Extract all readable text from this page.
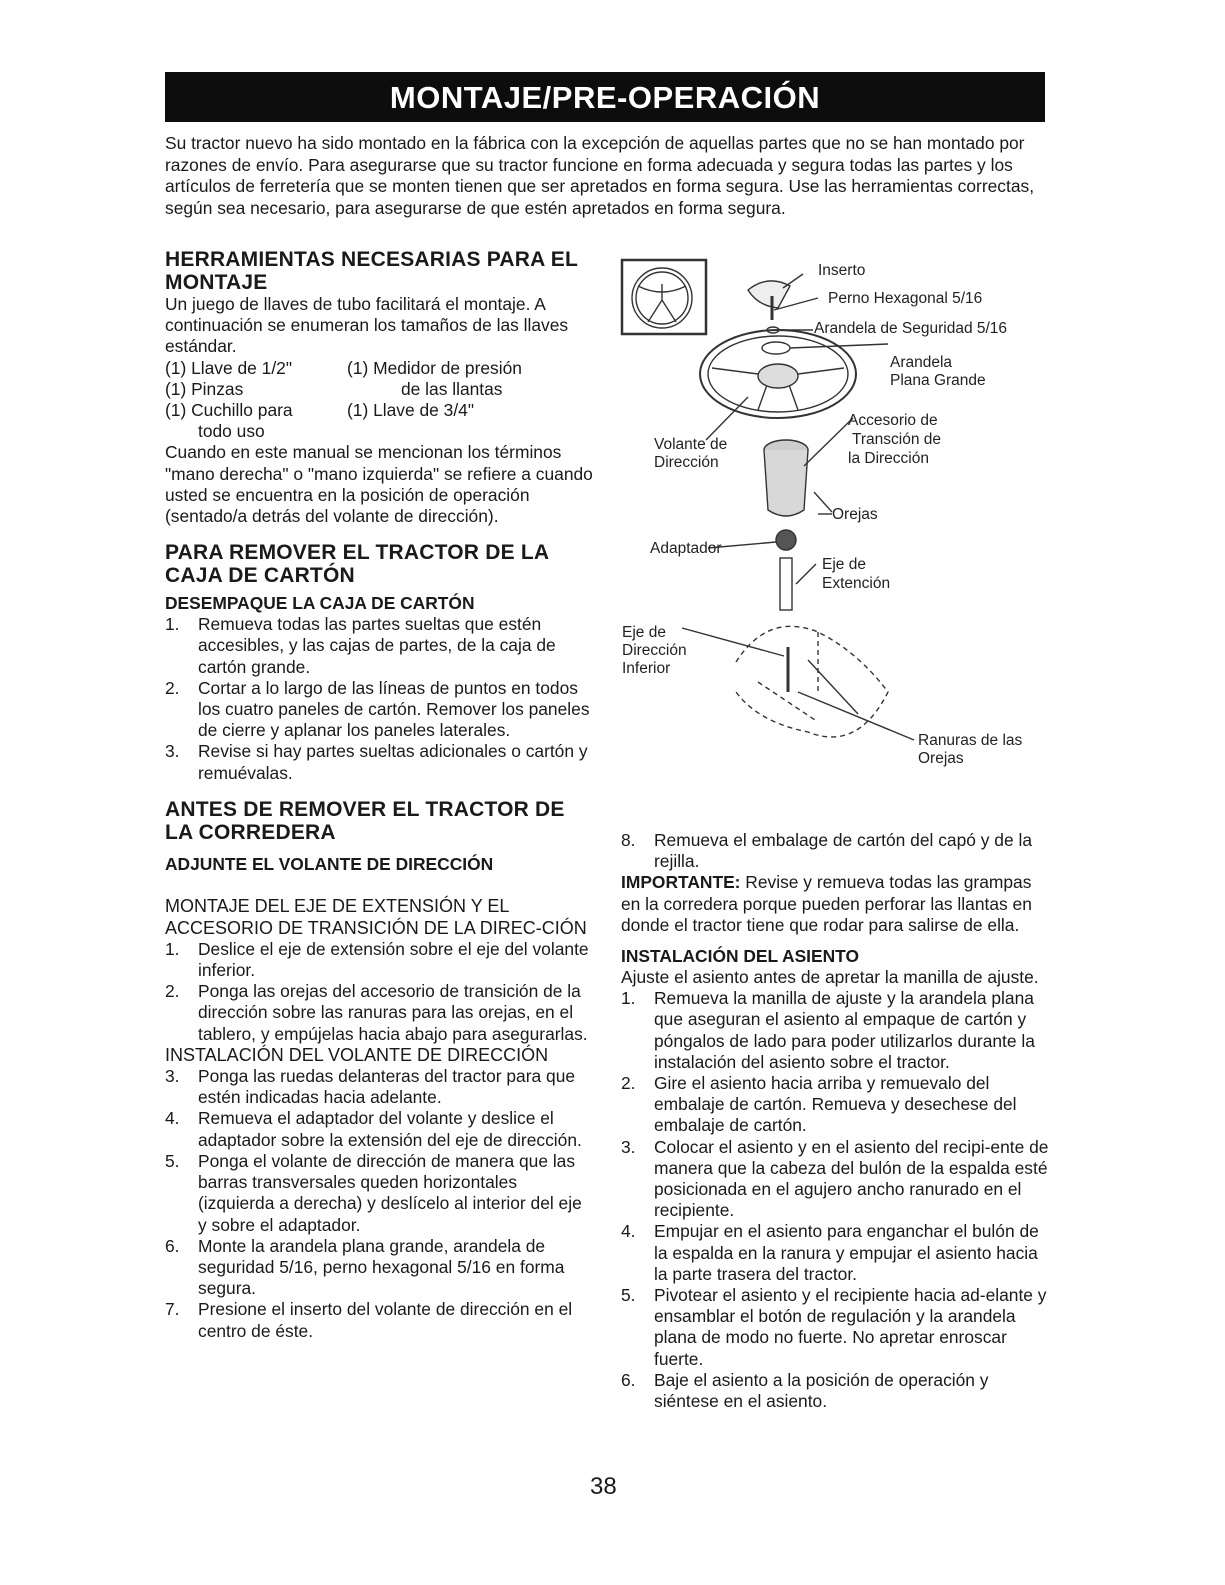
MONTAJE/PRE-OPERACIÓN

Su tractor nuevo ha sido montado en la fábrica con la excepción de aquellas partes que no se han montado por razones de envío. Para asegurarse que su tractor funcione en forma adecuada y segura todas las partes y los artículos de ferretería que se monten tienen que ser apretados en forma segura. Use las herramientas correctas, según sea necesario, para asegurarse de que estén apretados en forma segura.

HERRAMIENTAS NECESARIAS PARA EL MONTAJE

Un juego de llaves de tubo facilitará el montaje. A continuación se enumeran los tamaños de las llaves estándar.

(1) Llave de 1/2"	(1) Medidor de presión
(1) Pinzas	de las llantas
(1) Cuchillo para	(1) Llave de 3/4"
todo uso

Cuando en este manual se mencionan los términos "mano derecha" o "mano izquierda" se refiere a cuando usted se encuentra en la posición de operación (sentado/a detrás del volante de dirección).

PARA REMOVER EL TRACTOR DE LA CAJA DE CARTÓN
DESEMPAQUE LA CAJA DE CARTÓN
1. Remueva todas las partes sueltas que estén accesibles, y las cajas de partes, de la caja de cartón grande.
2. Cortar a lo largo de las líneas de puntos en todos los cuatro paneles de cartón. Remover los paneles de cierre y aplanar los paneles laterales.
3. Revise si hay partes sueltas adicionales o cartón y remuévalas.
ANTES DE REMOVER EL TRACTOR DE LA CORREDERA
ADJUNTE EL VOLANTE DE DIRECCIÓN

MONTAJE DEL EJE DE EXTENSIÓN Y EL ACCESORIO DE TRANSICIÓN DE LA DIREC-CIÓN

1. Deslice el eje de extensión sobre el eje del volante inferior.
2. Ponga las orejas del accesorio de transición de la dirección sobre las ranuras para las orejas, en el tablero, y empújelas hacia abajo para asegurarlas.

INSTALACIÓN DEL VOLANTE DE DIRECCIÓN

3. Ponga las ruedas delanteras del tractor para que estén indicadas hacia adelante.
4. Remueva el adaptador del volante y deslice el adaptador sobre la extensión del eje de dirección.
5. Ponga el volante de dirección de manera que las barras transversales queden horizontales (izquierda a derecha) y deslícelo al interior del eje y sobre el adaptador.
6. Monte la arandela plana grande, arandela de seguridad 5/16, perno hexagonal 5/16 en forma segura.
7. Presione el inserto del volante de dirección en el centro de éste.
Inserto
Perno Hexagonal 5/16
Arandela de Seguridad 5/16
Arandela
Plana Grande
Accesorio de
Transción de
la Dirección
Volante de
Dirección
Orejas
Adaptador
Eje de
Extención
Eje de
Dirección
Inferior
Ranuras de las
Orejas
8. Remueva el embalage de cartón del capó y de la rejilla.

IMPORTANTE: Revise y remueva todas las grampas en la corredera porque pueden perforar las llantas en donde el tractor tiene que rodar para salirse de ella.

INSTALACIÓN DEL ASIENTO

Ajuste el asiento antes de apretar la manilla de ajuste.

1. Remueva la manilla de ajuste y la arandela plana que aseguran el asiento al empaque de cartón y póngalos de lado para poder utilizarlos durante la instalación del asiento sobre el tractor.
2. Gire el asiento hacia arriba y remuevalo del embalaje de cartón. Remueva y desechese del embalaje de cartón.
3. Colocar el asiento y en el asiento del recipi-ente de manera que la cabeza del bulón de la espalda esté posicionada en el agujero ancho ranurado en el recipiente.
4. Empujar en el asiento para enganchar el bulón de la espalda en la ranura y empujar el asiento hacia la parte trasera del tractor.
5. Pivotear el asiento y el recipiente hacia ad-elante y ensamblar el botón de regulación y la arandela plana de modo no fuerte. No apretar enroscar fuerte.
6. Baje el asiento a la posición de operación y siéntese en el asiento.
38
